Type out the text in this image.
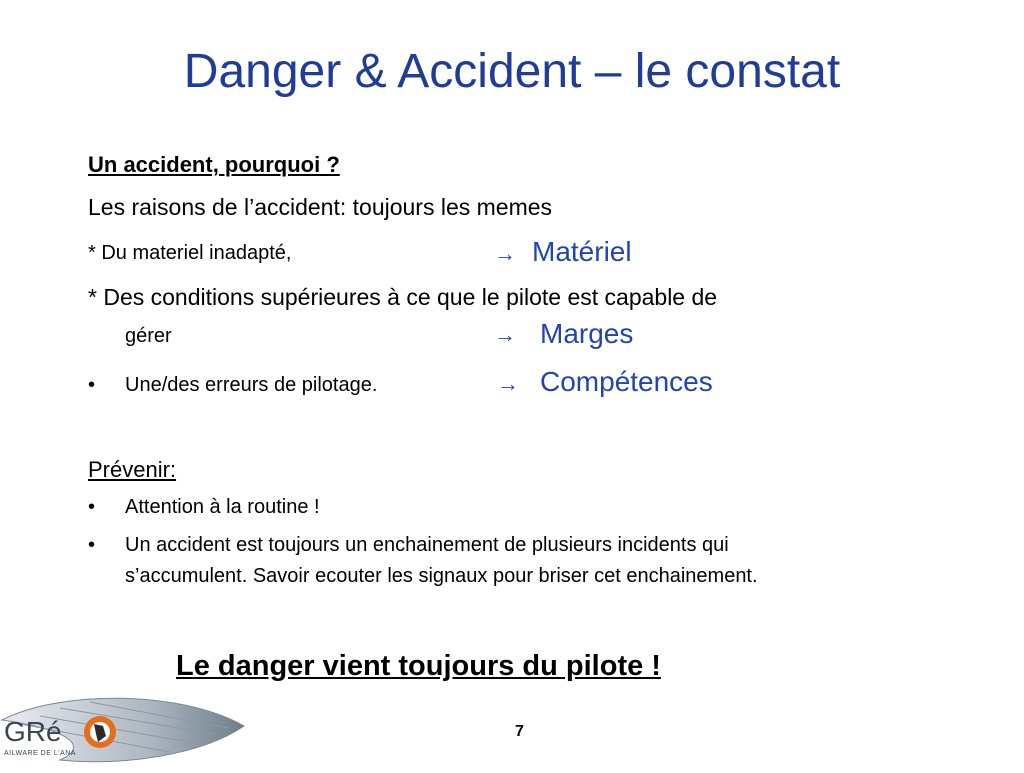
Danger & Accident – le constat
Un accident, pourquoi ?
Les raisons de l’accident: toujours les memes
* Du materiel inadapté,	→ Matériel
* Des conditions supérieures à ce que le pilote est capable de
gérer	→ Marges
• Une/des erreurs de pilotage.	→ Compétences
Prévenir:
• Attention à la routine !
• Un accident est toujours un enchainement de plusieurs incidents qui
s’accumulent. Savoir ecouter les signaux pour briser cet enchainement.
Le danger vient toujours du pilote !
GRé
AILWARE DE L'ANA
7
